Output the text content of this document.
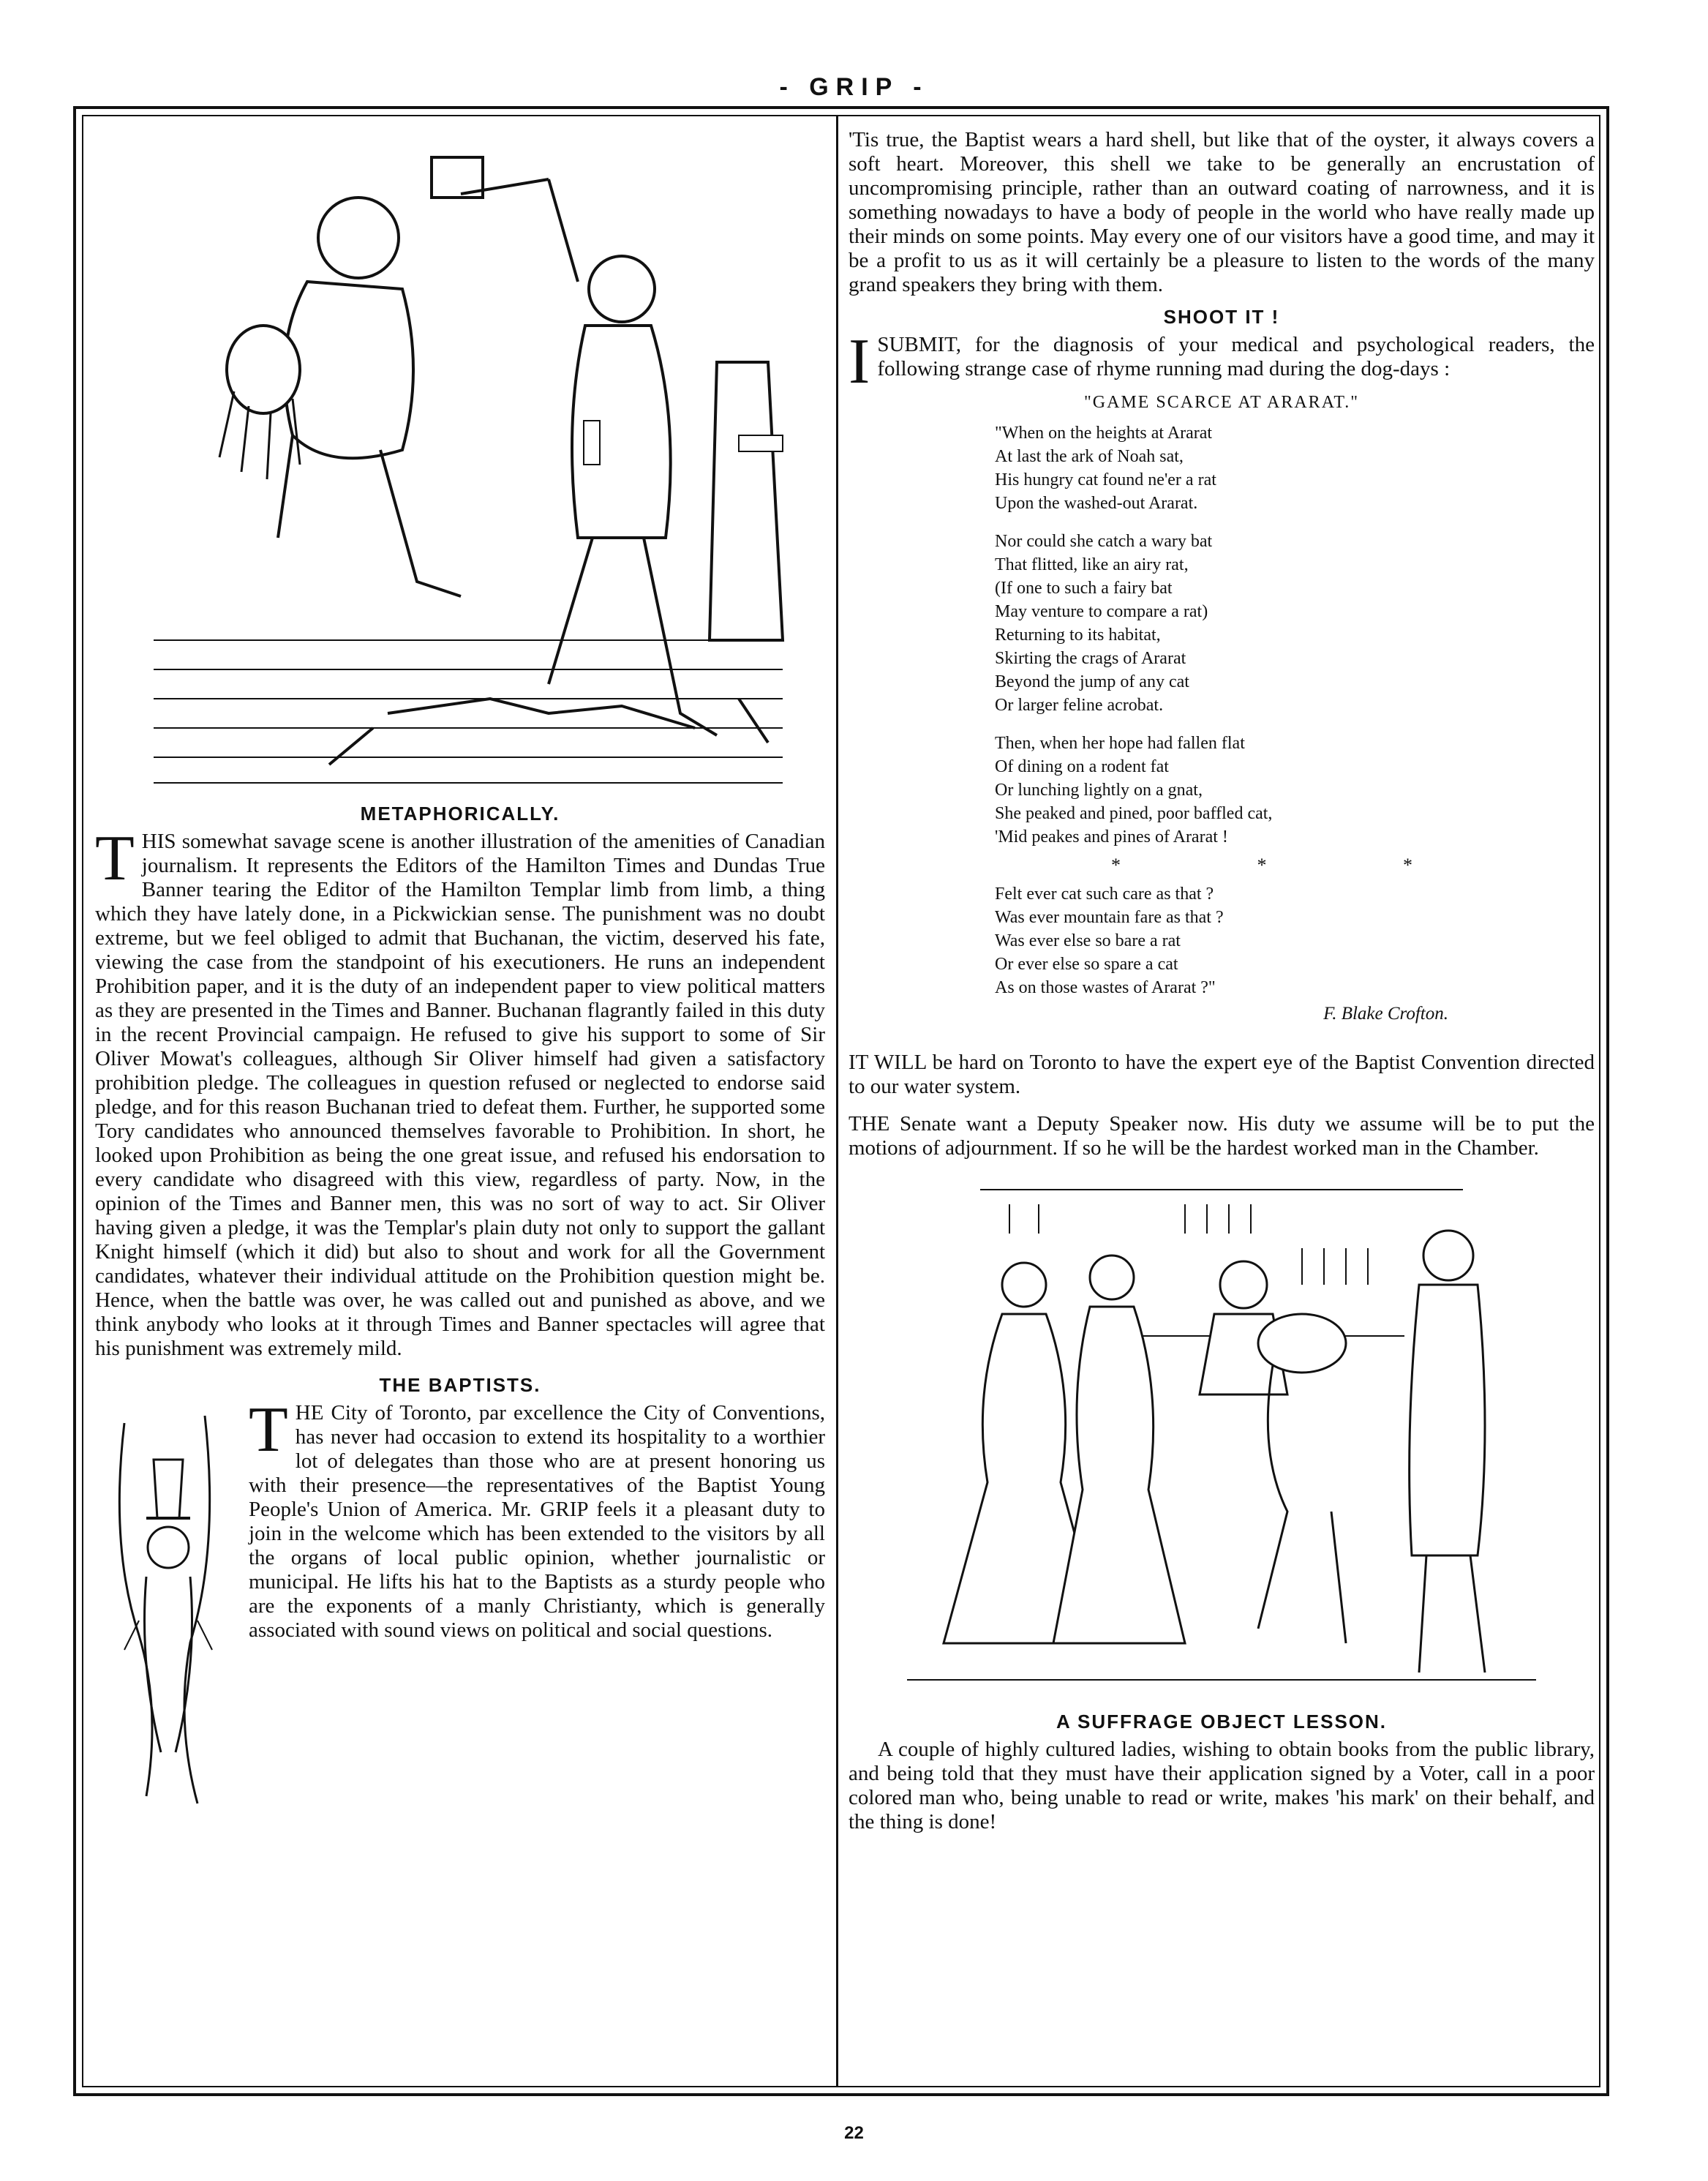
- GRIP -
METAPHORICALLY.

THIS somewhat savage scene is another illustration of the amenities of Canadian journalism. It represents the Editors of the Hamilton Times and Dundas True Banner tearing the Editor of the Hamilton Templar limb from limb, a thing which they have lately done, in a Pickwickian sense. The punishment was no doubt extreme, but we feel obliged to admit that Buchanan, the victim, deserved his fate, viewing the case from the standpoint of his executioners. He runs an independent Prohibition paper, and it is the duty of an independent paper to view political matters as they are presented in the Times and Banner. Buchanan flagrantly failed in this duty in the recent Provincial campaign. He refused to give his support to some of Sir Oliver Mowat's colleagues, although Sir Oliver himself had given a satisfactory prohibition pledge. The colleagues in question refused or neglected to endorse said pledge, and for this reason Buchanan tried to defeat them. Further, he supported some Tory candidates who announced themselves favorable to Prohibition. In short, he looked upon Prohibition as being the one great issue, and refused his endorsation to every candidate who disagreed with this view, regardless of party. Now, in the opinion of the Times and Banner men, this was no sort of way to act. Sir Oliver having given a pledge, it was the Templar's plain duty not only to support the gallant Knight himself (which it did) but also to shout and work for all the Government candidates, whatever their individual attitude on the Prohibition question might be. Hence, when the battle was over, he was called out and punished as above, and we think anybody who looks at it through Times and Banner spectacles will agree that his punishment was extremely mild.

THE BAPTISTS.

THE City of Toronto, par excellence the City of Conventions, has never had occasion to extend its hospitality to a worthier lot of delegates than those who are at present honoring us with their presence—the representatives of the Baptist Young People's Union of America. Mr. GRIP feels it a pleasant duty to join in the welcome which has been extended to the visitors by all the organs of local public opinion, whether journalistic or municipal. He lifts his hat to the Baptists as a sturdy people who are the exponents of a manly Christianty, which is generally associated with sound views on political and social questions.

'Tis true, the Baptist wears a hard shell, but like that of the oyster, it always covers a soft heart. Moreover, this shell we take to be generally an encrustation of uncompromising principle, rather than an outward coating of narrowness, and it is something nowadays to have a body of people in the world who have really made up their minds on some points. May every one of our visitors have a good time, and may it be a profit to us as it will certainly be a pleasure to listen to the words of the many grand speakers they bring with them.

SHOOT IT !

ISUBMIT, for the diagnosis of your medical and psychological readers, the following strange case of rhyme running mad during the dog-days :

"GAME SCARCE AT ARARAT."

"When on the heights at Ararat
At last the ark of Noah sat,
His hungry cat found ne'er a rat
Upon the washed-out Ararat.

Nor could she catch a wary bat
That flitted, like an airy rat,
(If one to such a fairy bat
May venture to compare a rat)
Returning to its habitat,
Skirting the crags of Ararat
Beyond the jump of any cat
Or larger feline acrobat.

Then, when her hope had fallen flat
Of dining on a rodent fat
Or lunching lightly on a gnat,
She peaked and pined, poor baffled cat,
'Mid peakes and pines of Ararat !

* * *

Felt ever cat such care as that ?
Was ever mountain fare as that ?
Was ever else so bare a rat
Or ever else so spare a cat
As on those wastes of Ararat ?"

F. Blake Crofton.

IT WILL be hard on Toronto to have the expert eye of the Baptist Convention directed to our water system.

THE Senate want a Deputy Speaker now. His duty we assume will be to put the motions of adjournment. If so he will be the hardest worked man in the Chamber.

A SUFFRAGE OBJECT LESSON.

A couple of highly cultured ladies, wishing to obtain books from the public library, and being told that they must have their application signed by a Voter, call in a poor colored man who, being unable to read or write, makes 'his mark' on their behalf, and the thing is done!

22
